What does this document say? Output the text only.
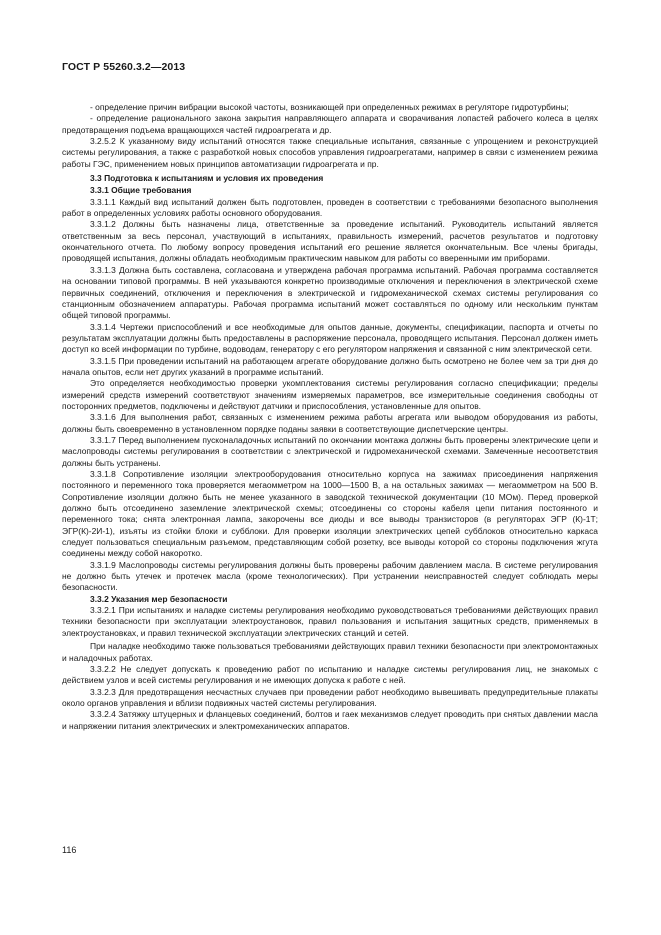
ГОСТ Р 55260.3.2—2013

- определение причин вибрации высокой частоты, возникающей при определенных режимах в регуляторе гидротурбины;

- определение рационального закона закрытия направляющего аппарата и сворачивания лопастей рабочего колеса в целях предотвращения подъема вращающихся частей гидроагрегата и др.

3.2.5.2 К указанному виду испытаний относятся также специальные испытания, связанные с упрощением и реконструкцией системы регулирования, а также с разработкой новых способов управления гидроагрегатами, например в связи с изменением режима работы ГЭС, применением новых принципов автоматизации гидроагрегата и пр.

3.3 Подготовка к испытаниям и условия их проведения

3.3.1 Общие требования

3.3.1.1 Каждый вид испытаний должен быть подготовлен, проведен в соответствии с требованиями безопасного выполнения работ в определенных условиях работы основного оборудования.

3.3.1.2 Должны быть назначены лица, ответственные за проведение испытаний. Руководитель испытаний является ответственным за весь персонал, участвующий в испытаниях, правильность измерений, расчетов результатов и подготовку окончательного отчета. По любому вопросу проведения испытаний его решение является окончательным. Все члены бригады, проводящей испытания, должны обладать необходимым практическим навыком для работы со вверенными им приборами.

3.3.1.3 Должна быть составлена, согласована и утверждена рабочая программа испытаний. Рабочая программа составляется на основании типовой программы. В ней указываются конкретно производимые отключения и переключения в электрической схеме первичных соединений, отключения и переключения в электрической и гидромеханической схемах системы регулирования со станционным обозначением аппаратуры. Рабочая программа испытаний может составляться по одному или нескольким пунктам общей типовой программы.

3.3.1.4 Чертежи приспособлений и все необходимые для опытов данные, документы, спецификации, паспорта и отчеты по результатам эксплуатации должны быть предоставлены в распоряжение персонала, проводящего испытания. Персонал должен иметь доступ ко всей информации по турбине, водоводам, генератору с его регулятором напряжения и связанной с ним электрической сети.

3.3.1.5 При проведении испытаний на работающем агрегате оборудование должно быть осмотрено не более чем за три дня до начала опытов, если нет других указаний в программе испытаний.

Это определяется необходимостью проверки укомплектования системы регулирования согласно спецификации; пределы измерений средств измерений соответствуют значениям измеряемых параметров, все измерительные соединения свободны от посторонних предметов, подключены и действуют датчики и приспособления, установленные для опытов.

3.3.1.6 Для выполнения работ, связанных с изменением режима работы агрегата или выводом оборудования из работы, должны быть своевременно в установленном порядке поданы заявки в соответствующие диспетчерские центры.

3.3.1.7 Перед выполнением пусконаладочных испытаний по окончании монтажа должны быть проверены электрические цепи и маслопроводы системы регулирования в соответствии с электрической и гидромеханической схемами. Замеченные несоответствия должны быть устранены.

3.3.1.8 Сопротивление изоляции электрооборудования относительно корпуса на зажимах присоединения напряжения постоянного и переменного тока проверяется мегаомметром на 1000—1500 В, а на остальных зажимах — мегаомметром на 500 В. Сопротивление изоляции должно быть не менее указанного в заводской технической документации (10 МОм). Перед проверкой должно быть отсоединено заземление электрической схемы; отсоединены со стороны кабеля цепи питания постоянного и переменного тока; снята электронная лампа, закорочены все диоды и все выводы транзисторов (в регуляторах ЭГР (К)-1Т; ЭГР(К)-2И-1), изъяты из стойки блоки и субблоки. Для проверки изоляции электрических цепей субблоков относительно каркаса следует пользоваться специальным разъемом, представляющим собой розетку, все выводы которой со стороны подключения жгута соединены между собой накоротко.

3.3.1.9 Маслопроводы системы регулирования должны быть проверены рабочим давлением масла. В системе регулирования не должно быть утечек и протечек масла (кроме технологических). При устранении неисправностей следует соблюдать меры безопасности.

3.3.2 Указания мер безопасности

3.3.2.1 При испытаниях и наладке системы регулирования необходимо руководствоваться требованиями действующих правил техники безопасности при эксплуатации электроустановок, правил пользования и испытания защитных средств, применяемых в электроустановках, и правил технической эксплуатации электрических станций и сетей.

При наладке необходимо также пользоваться требованиями действующих правил техники безопасности при электромонтажных и наладочных работах.

3.3.2.2 Не следует допускать к проведению работ по испытанию и наладке системы регулирования лиц, не знакомых с действием узлов и всей системы регулирования и не имеющих допуска к работе с ней.

3.3.2.3 Для предотвращения несчастных случаев при проведении работ необходимо вывешивать предупредительные плакаты около органов управления и вблизи подвижных частей системы регулирования.

3.3.2.4 Затяжку штуцерных и фланцевых соединений, болтов и гаек механизмов следует проводить при снятых давлении масла и напряжении питания электрических и электромеханических аппаратов.

116
